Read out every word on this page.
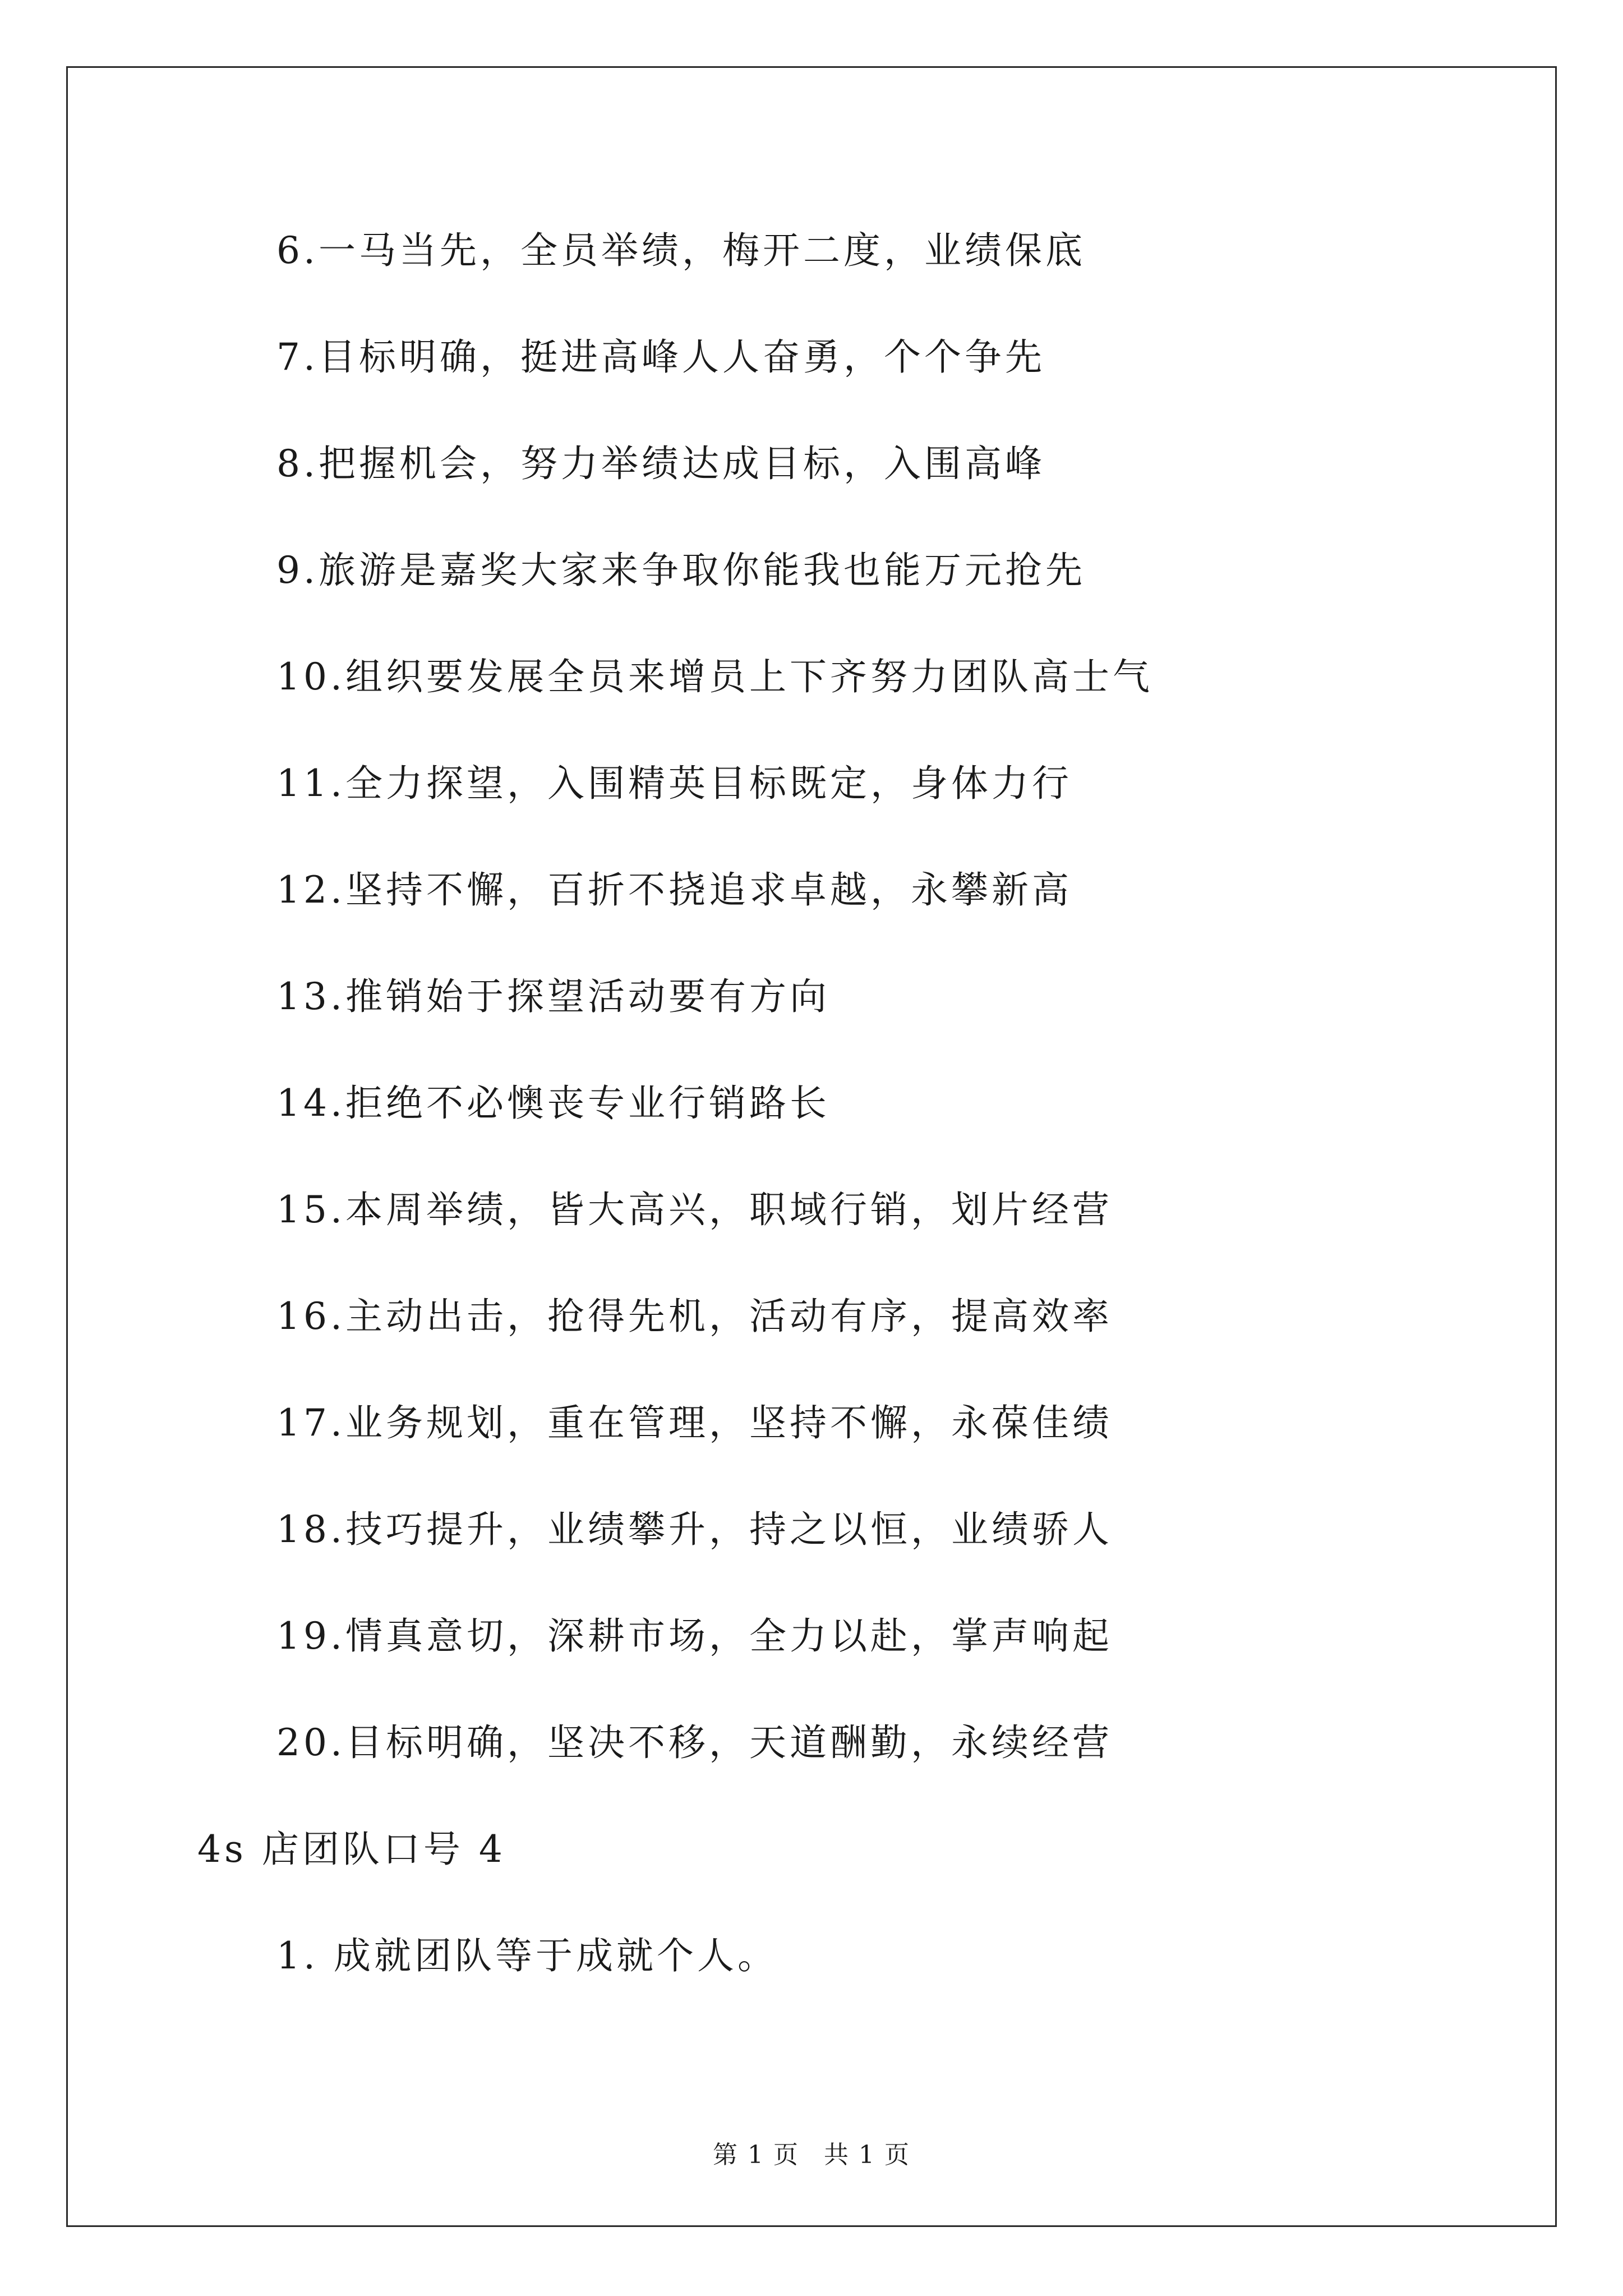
6.一马当先，全员举绩，梅开二度，业绩保底
7.目标明确，挺进高峰人人奋勇，个个争先
8.把握机会，努力举绩达成目标，入围高峰
9.旅游是嘉奖大家来争取你能我也能万元抢先
10.组织要发展全员来增员上下齐努力团队高士气
11.全力探望，入围精英目标既定，身体力行
12.坚持不懈，百折不挠追求卓越，永攀新高
13.推销始于探望活动要有方向
14.拒绝不必懊丧专业行销路长
15.本周举绩，皆大高兴，职域行销，划片经营
16.主动出击，抢得先机，活动有序，提高效率
17.业务规划，重在管理，坚持不懈，永葆佳绩
18.技巧提升，业绩攀升，持之以恒，业绩骄人
19.情真意切，深耕市场，全力以赴，掌声响起
20.目标明确，坚决不移，天道酬勤，永续经营
4s 店团队口号 4
1. 成就团队等于成就个人。
第 1 页 共 1 页
